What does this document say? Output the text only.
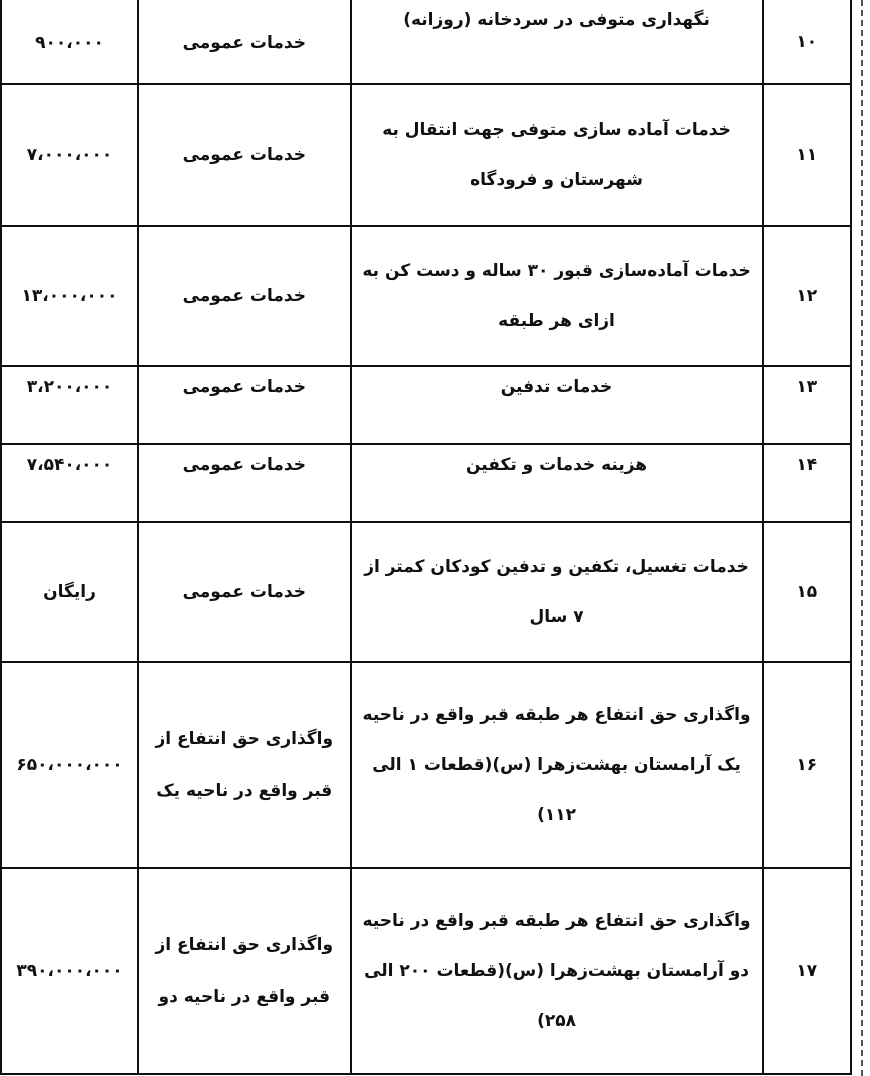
۱۰	نگهداری متوفی در سردخانه (روزانه)	خدمات عمومی	۹۰۰،۰۰۰
۱۱	خدمات آماده سازی متوفی جهت انتقال به شهرستان و فرودگاه	خدمات عمومی	۷،۰۰۰،۰۰۰
۱۲	خدمات آماده‌سازی قبور ۳۰ ساله و دست کن به ازای هر طبقه	خدمات عمومی	۱۳،۰۰۰،۰۰۰
۱۳	خدمات تدفین	خدمات عمومی	۳،۲۰۰،۰۰۰
۱۴	هزینه خدمات و تکفین	خدمات عمومی	۷،۵۴۰،۰۰۰
۱۵	خدمات تغسیل، تکفین و تدفین کودکان کمتر از ۷ سال	خدمات عمومی	رایگان
۱۶	واگذاری حق انتفاع هر طبقه قبر واقع در ناحیه یک آرامستان بهشت‌زهرا (س)(قطعات ۱ الی ۱۱۲)	واگذاری حق انتفاع از قبر واقع در ناحیه یک	۶۵۰،۰۰۰،۰۰۰
۱۷	واگذاری حق انتفاع هر طبقه قبر واقع در ناحیه دو آرامستان بهشت‌زهرا (س)(قطعات ۲۰۰ الی ۲۵۸)	واگذاری حق انتفاع از قبر واقع در ناحیه دو	۳۹۰،۰۰۰،۰۰۰
